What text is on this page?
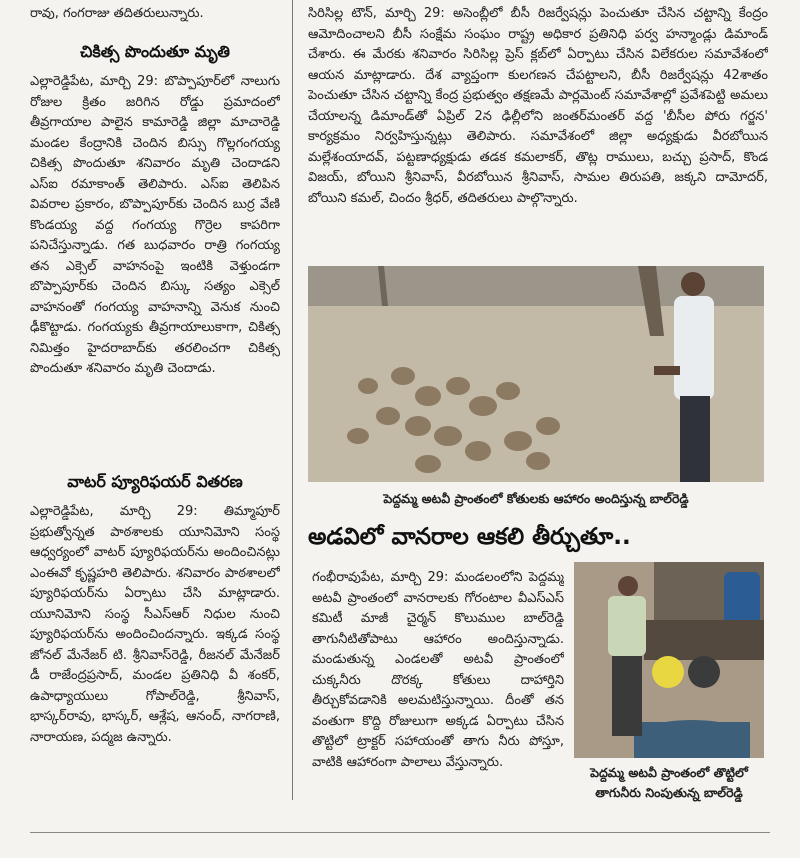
రావు, గంగరాజు తదితరులున్నారు.
చికిత్స పొందుతూ మృతి
ఎల్లారెడ్డిపేట, మార్చి 29: బొప్పాపూర్‌లో నాలుగు రోజుల క్రితం జరిగిన రోడ్డు ప్రమాదంలో తీవ్రగాయాల పాలైన కామారెడ్డి జిల్లా మాచారెడ్డి మండల కేంద్రానికి చెందిన బిస్సు గొల్లగంగయ్య చికిత్స పొందుతూ శనివారం మృతి చెందాడని ఎస్‌ఐ రమాకాంత్ తెలిపారు. ఎస్‌ఐ తెలిపిన వివరాల ప్రకారం, బొప్పాపూర్‌కు చెందిన బుర్ర వేణి కొండయ్య వద్ద గంగయ్య గొర్రెల కాపరిగా పనిచేస్తున్నాడు. గత బుధవారం రాత్రి గంగయ్య తన ఎక్సెల్ వాహనంపై ఇంటికి వెళ్తుండగా బొప్పాపూర్‌కు చెందిన బిస్కు సత్యం ఎక్సెల్ వాహనంతో గంగయ్య వాహనాన్ని వెనుక నుంచి ఢీకొట్టాడు. గంగయ్యకు తీవ్రగాయాలుకాగా, చికిత్స నిమిత్తం హైదరాబాద్‌కు తరలించగా చికిత్స పొందుతూ శనివారం మృతి చెందాడు.
వాటర్ ప్యూరిఫయర్ వితరణ
ఎల్లారెడ్డిపేట, మార్చి 29: తిమ్మాపూర్ ప్రభుత్వోన్నత పాఠశాలకు యూనిమోని సంస్థ ఆధ్వర్యంలో వాటర్ ప్యూరిఫయర్‌ను అందించినట్లు ఎంఈవో కృష్ణహరి తెలిపారు. శనివారం పాఠశాలలో ప్యూరిఫయర్‌ను ఏర్పాటు చేసి మాట్లాడారు. యూనిమోని సంస్థ సీఎస్ఆర్ నిధుల నుంచి ప్యూరిఫయర్‌ను అందించిందన్నారు. ఇక్కడ సంస్థ జోనల్ మేనేజర్ టి. శ్రీనివాస్‌రెడ్డి, రీజనల్ మేనేజర్ డీ రాజేంద్రప్రసాద్, మండల ప్రతినిధి వీ శంకర్, ఉపాధ్యాయులు గోపాల్‌రెడ్డి, శ్రీనివాస్, భాస్కర్‌రావు, భాస్కర్, ఆశ్లేష, ఆనంద్, నాగరాణి, నారాయణ, పద్మజ ఉన్నారు.
సిరిసిల్ల టౌన్, మార్చి 29: అసెంబ్లీలో బీసీ రిజర్వేషన్లు పెంచుతూ చేసిన చట్టాన్ని కేంద్రం ఆమోదించాలని బీసీ సంక్షేమ సంఘం రాష్ట్ర అధికార ప్రతినిధి పర్వ హన్మాండ్లు డిమాండ్ చేశారు. ఈ మేరకు శనివారం సిరిసిల్ల ప్రెస్ క్లబ్‌లో ఏర్పాటు చేసిన విలేకరుల సమావేశంలో ఆయన మాట్లాడారు. దేశ వ్యాప్తంగా కులగణన చేపట్టాలని, బీసీ రిజర్వేషన్లు 42శాతం పెంచుతూ చేసిన చట్టాన్ని కేంద్ర ప్రభుత్వం తక్షణమే పార్లమెంట్ సమావేశాల్లో ప్రవేశపెట్టి అమలు చేయాలన్న డిమాండ్‌తో ఏప్రిల్ 2న ఢిల్లీలోని జంతర్‌మంతర్ వద్ద 'బీసీల పోరు గర్జన' కార్యక్రమం నిర్వహిస్తున్నట్లు తెలిపారు. సమావేశంలో జిల్లా అధ్యక్షుడు వీరబోయిన మల్లేశంయాదవ్, పట్టణాధ్యక్షుడు తడక కమలాకర్, తొట్ల రాములు, బచ్చు ప్రసాద్, కొండ విజయ్, బోయిని శ్రీనివాస్, వీరబోయిన శ్రీనివాస్, సామల తిరుపతి, జక్కని దామోదర్, బోయిని కమల్, చిందం శ్రీధర్, తదితరులు పాల్గొన్నారు.
పెద్దమ్మ అటవీ ప్రాంతంలో కోతులకు ఆహారం అందిస్తున్న బాల్‌రెడ్డి
అడవిలో వానరాల ఆకలి తీర్చుతూ..
గంభీరావుపేట, మార్చి 29: మండలంలోని పెద్దమ్మ అటవీ ప్రాంతంలో వానరాలకు గోరంటాల వీఎస్ఎస్ కమిటీ మాజీ చైర్మన్ కొలుముల బాల్‌రెడ్డి తాగునీటితోపాటు ఆహారం అందిస్తున్నాడు. మండుతున్న ఎండలతో అటవీ ప్రాంతంలో చుక్కనీరు దొరక్క కోతులు దాహార్తిని తీర్చుకోవడానికి అలమటిస్తున్నాయి. దీంతో తన వంతుగా కొద్ది రోజులుగా అక్కడ ఏర్పాటు చేసిన తొట్టిలో ట్రాక్టర్ సహాయంతో తాగు నీరు పోస్తూ, వాటికి ఆహారంగా పాలాలు వేస్తున్నారు.
పెద్దమ్మ అటవీ ప్రాంతంలో తొట్టిలో
తాగునీరు నింపుతున్న బాల్‌రెడ్డి
